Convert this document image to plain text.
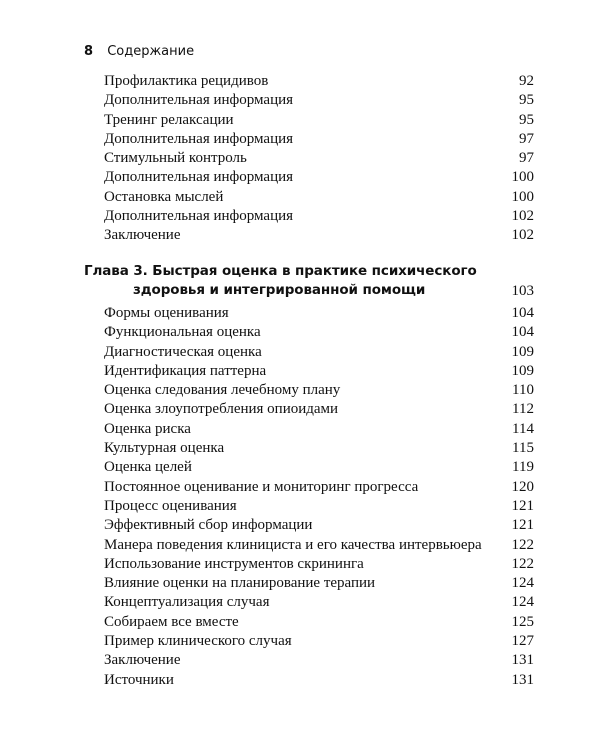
8 Содержание
Профилактика рецидивов	92
Дополнительная информация	95
Тренинг релаксации	95
Дополнительная информация	97
Стимульный контроль	97
Дополнительная информация	100
Остановка мыслей	100
Дополнительная информация	102
Заключение	102
Глава 3. Быстрая оценка в практике психического
здоровья и интегрированной помощи	103
Формы оценивания	104
Функциональная оценка	104
Диагностическая оценка	109
Идентификация паттерна	109
Оценка следования лечебному плану	110
Оценка злоупотребления опиоидами	112
Оценка риска	114
Культурная оценка	115
Оценка целей	119
Постоянное оценивание и мониторинг прогресса	120
Процесс оценивания	121
Эффективный сбор информации	121
Манера поведения клинициста и его качества интервьюера 122
Использование инструментов скрининга	122
Влияние оценки на планирование терапии	124
Концептуализация случая	124
Собираем все вместе	125
Пример клинического случая	127
Заключение	131
Источники	131
